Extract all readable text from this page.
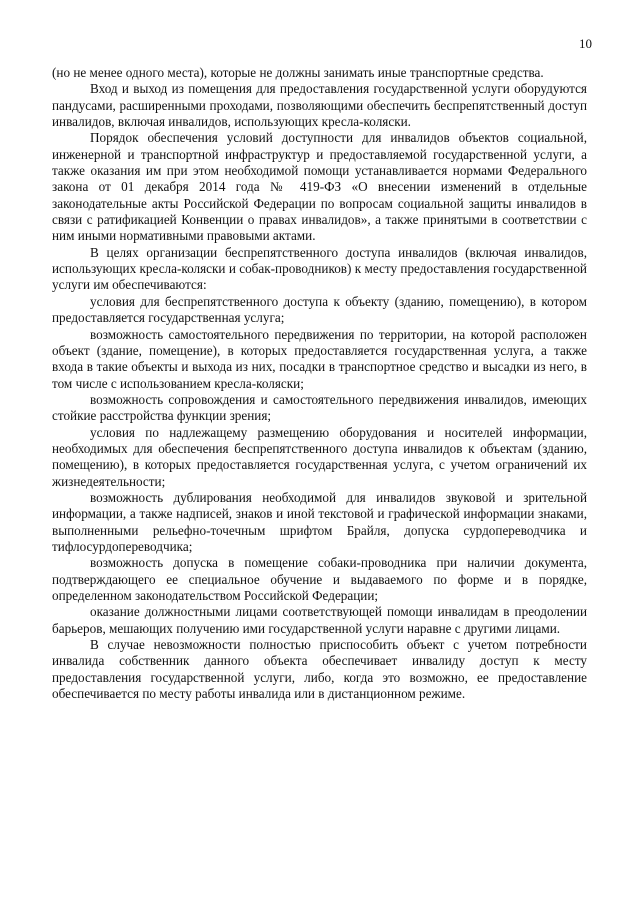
10

(но не менее одного места), которые не должны занимать иные транспортные средства.

Вход и выход из помещения для предоставления государственной услуги оборудуются пандусами, расширенными проходами, позволяющими обеспечить беспрепятственный доступ инвалидов, включая инвалидов, использующих кресла-коляски.

Порядок обеспечения условий доступности для инвалидов объектов социальной, инженерной и транспортной инфраструктур и предоставляемой государственной услуги, а также оказания им при этом необходимой помощи устанавливается нормами Федерального закона от 01 декабря 2014 года № 419-ФЗ «О внесении изменений в отдельные законодательные акты Российской Федерации по вопросам социальной защиты инвалидов в связи с ратификацией Конвенции о правах инвалидов», а также принятыми в соответствии с ним иными нормативными правовыми актами.

В целях организации беспрепятственного доступа инвалидов (включая инвалидов, использующих кресла-коляски и собак-проводников) к месту предоставления государственной услуги им обеспечиваются:

условия для беспрепятственного доступа к объекту (зданию, помещению), в котором предоставляется государственная услуга;

возможность самостоятельного передвижения по территории, на которой расположен объект (здание, помещение), в которых предоставляется государственная услуга, а также входа в такие объекты и выхода из них, посадки в транспортное средство и высадки из него, в том числе с использованием кресла-коляски;

возможность сопровождения и самостоятельного передвижения инвалидов, имеющих стойкие расстройства функции зрения;

условия по надлежащему размещению оборудования и носителей информации, необходимых для обеспечения беспрепятственного доступа инвалидов к объектам (зданию, помещению), в которых предоставляется государственная услуга, с учетом ограничений их жизнедеятельности;

возможность дублирования необходимой для инвалидов звуковой и зрительной информации, а также надписей, знаков и иной текстовой и графической информации знаками, выполненными рельефно-точечным шрифтом Брайля, допуска сурдопереводчика и тифлосурдопереводчика;

возможность допуска в помещение собаки-проводника при наличии документа, подтверждающего ее специальное обучение и выдаваемого по форме и в порядке, определенном законодательством Российской Федерации;

оказание должностными лицами соответствующей помощи инвалидам в преодолении барьеров, мешающих получению ими государственной услуги наравне с другими лицами.

В случае невозможности полностью приспособить объект с учетом потребности инвалида собственник данного объекта обеспечивает инвалиду доступ к месту предоставления государственной услуги, либо, когда это возможно, ее предоставление обеспечивается по месту работы инвалида или в дистанционном режиме.
